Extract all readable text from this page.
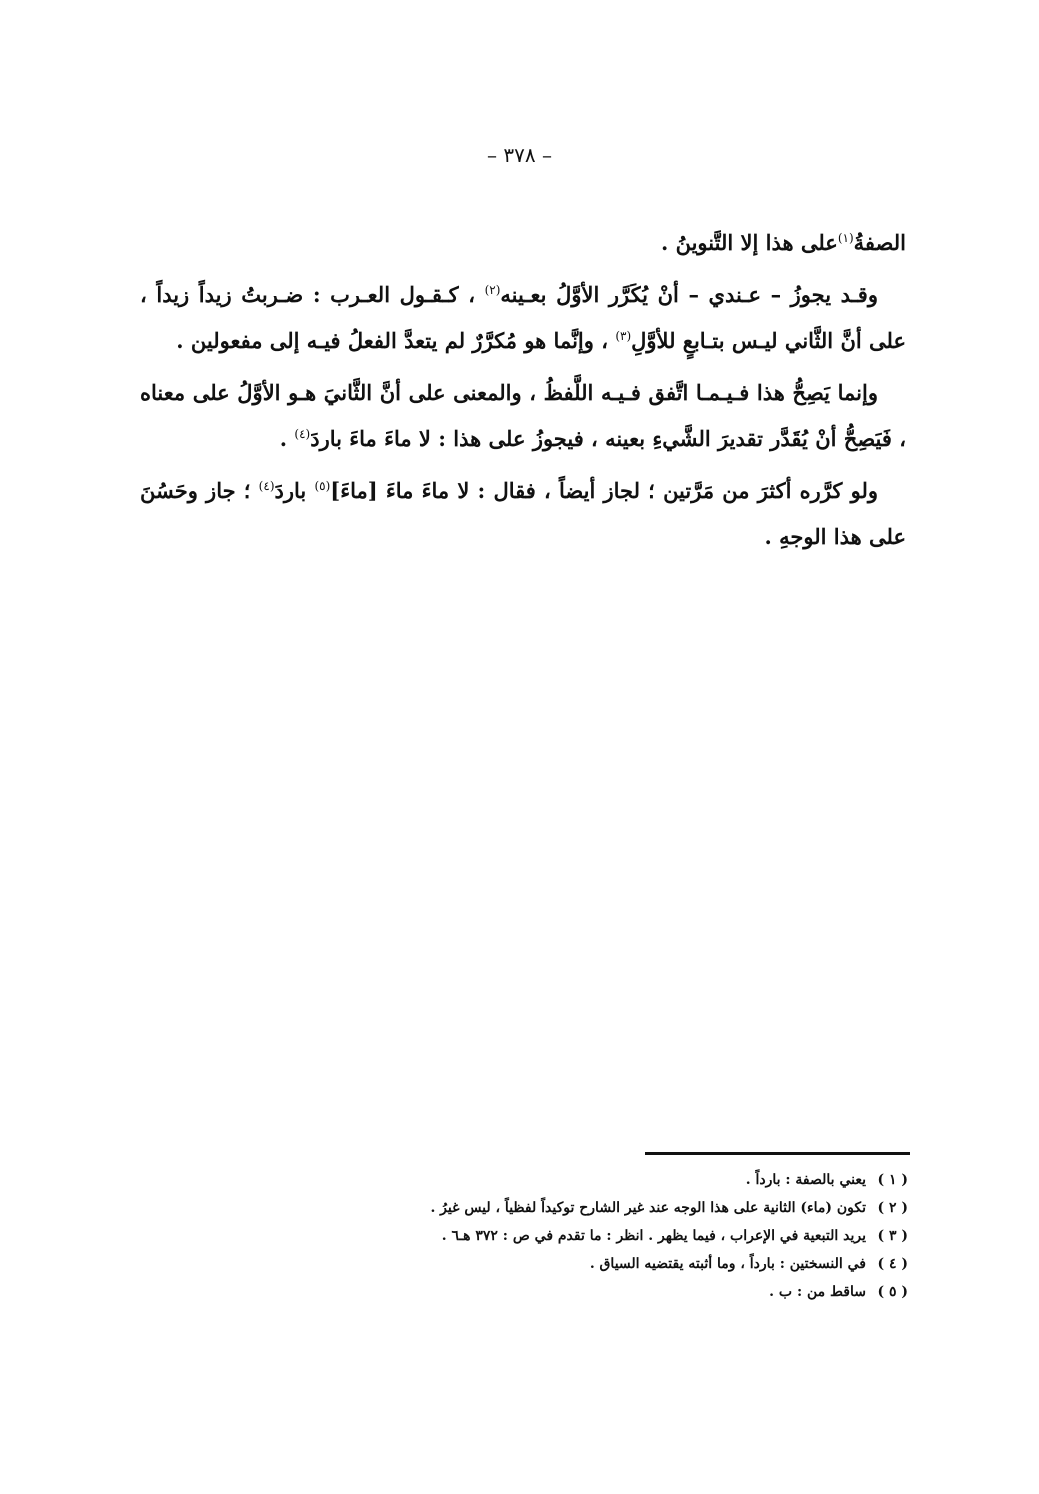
– ٣٧٨ –

الصفةُ$^{(١)}$على هذا إلا التَّنوينُ .

وقـد يجوزُ – عـندي – أنْ يُكَرَّر الأوَّلُ بعـينه$^{(٢)}$ ، كـقـول العـرب : ضـربتُ زيداً زيداً ، على أنَّ الثَّاني ليـس بتـابعٍ للأوَّلِ$^{(٣)}$ ، وإنَّما هو مُكرَّرٌ لم يتعدَّ الفعلُ فيـه إلى مفعولين .

وإنما يَصِحُّ هذا فـيـمـا اتَّفق فـيـه اللَّفظُ ، والمعنى على أنَّ الثَّانيَ هـو الأوَّلُ على معناه ، فَيَصِحُّ أنْ يُقَدَّر تقديرَ الشَّيءِ بعينه ، فيجوزُ على هذا : لا ماءَ ماءَ باردَ$^{(٤)}$ .

ولو كرَّره أكثرَ من مَرَّتين ؛ لجاز أيضاً ، فقال : لا ماءَ ماءَ [ماءَ]$^{(٥)}$ باردَ$^{(٤)}$ ؛ جاز وحَسُنَ على هذا الوجهِ .

( ١ )
يعني بالصفة : بارداً .
( ٢ )
تكون (ماء) الثانية على هذا الوجه عند غير الشارح توكيداً لفظياً ، ليس غيرُ .
( ٣ )
يريد التبعية في الإعراب ، فيما يظهر . انظر : ما تقدم في ص : ٣٧٢ هـ٦ .
( ٤ )
في النسختين : بارداً ، وما أثبته يقتضيه السياق .
( ٥ )
ساقط من : ب .
